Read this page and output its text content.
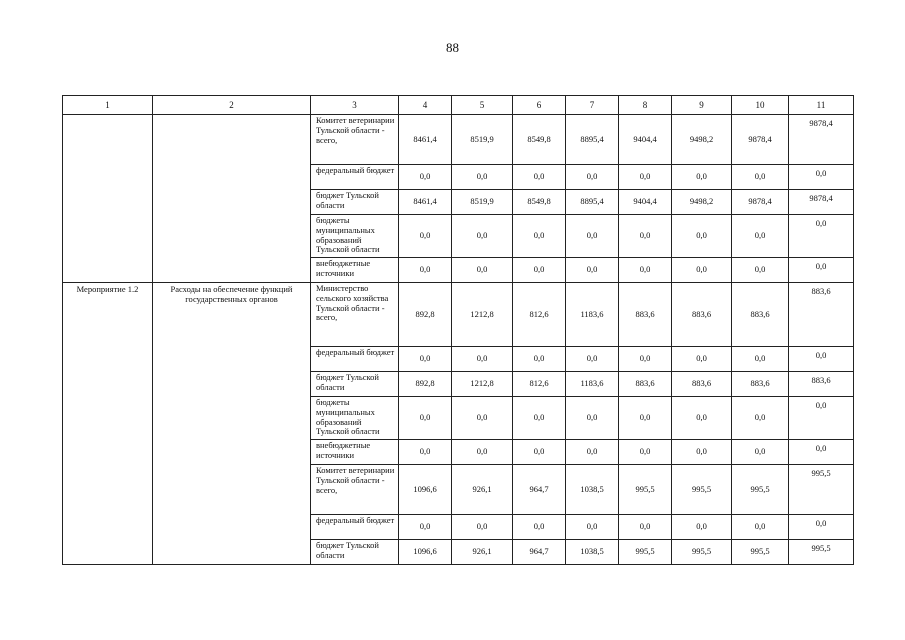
88
1	2	3	4	5	6	7	8	9	10	11
		Комитет ветеринарии Тульской области - всего,	8461,4	8519,9	8549,8	8895,4	9404,4	9498,2	9878,4	9878,4
		федеральный бюджет	0,0	0,0	0,0	0,0	0,0	0,0	0,0	0,0
		бюджет Тульской области	8461,4	8519,9	8549,8	8895,4	9404,4	9498,2	9878,4	9878,4
		бюджеты муниципальных образований Тульской области	0,0	0,0	0,0	0,0	0,0	0,0	0,0	0,0
		внебюджетные источники	0,0	0,0	0,0	0,0	0,0	0,0	0,0	0,0
Мероприятие 1.2	Расходы на обеспечение функций государственных органов	Министерство сельского хозяйства Тульской области - всего,	892,8	1212,8	812,6	1183,6	883,6	883,6	883,6	883,6
		федеральный бюджет	0,0	0,0	0,0	0,0	0,0	0,0	0,0	0,0
		бюджет Тульской области	892,8	1212,8	812,6	1183,6	883,6	883,6	883,6	883,6
		бюджеты муниципальных образований Тульской области	0,0	0,0	0,0	0,0	0,0	0,0	0,0	0,0
		внебюджетные источники	0,0	0,0	0,0	0,0	0,0	0,0	0,0	0,0
		Комитет ветеринарии Тульской области - всего,	1096,6	926,1	964,7	1038,5	995,5	995,5	995,5	995,5
		федеральный бюджет	0,0	0,0	0,0	0,0	0,0	0,0	0,0	0,0
		бюджет Тульской области	1096,6	926,1	964,7	1038,5	995,5	995,5	995,5	995,5
